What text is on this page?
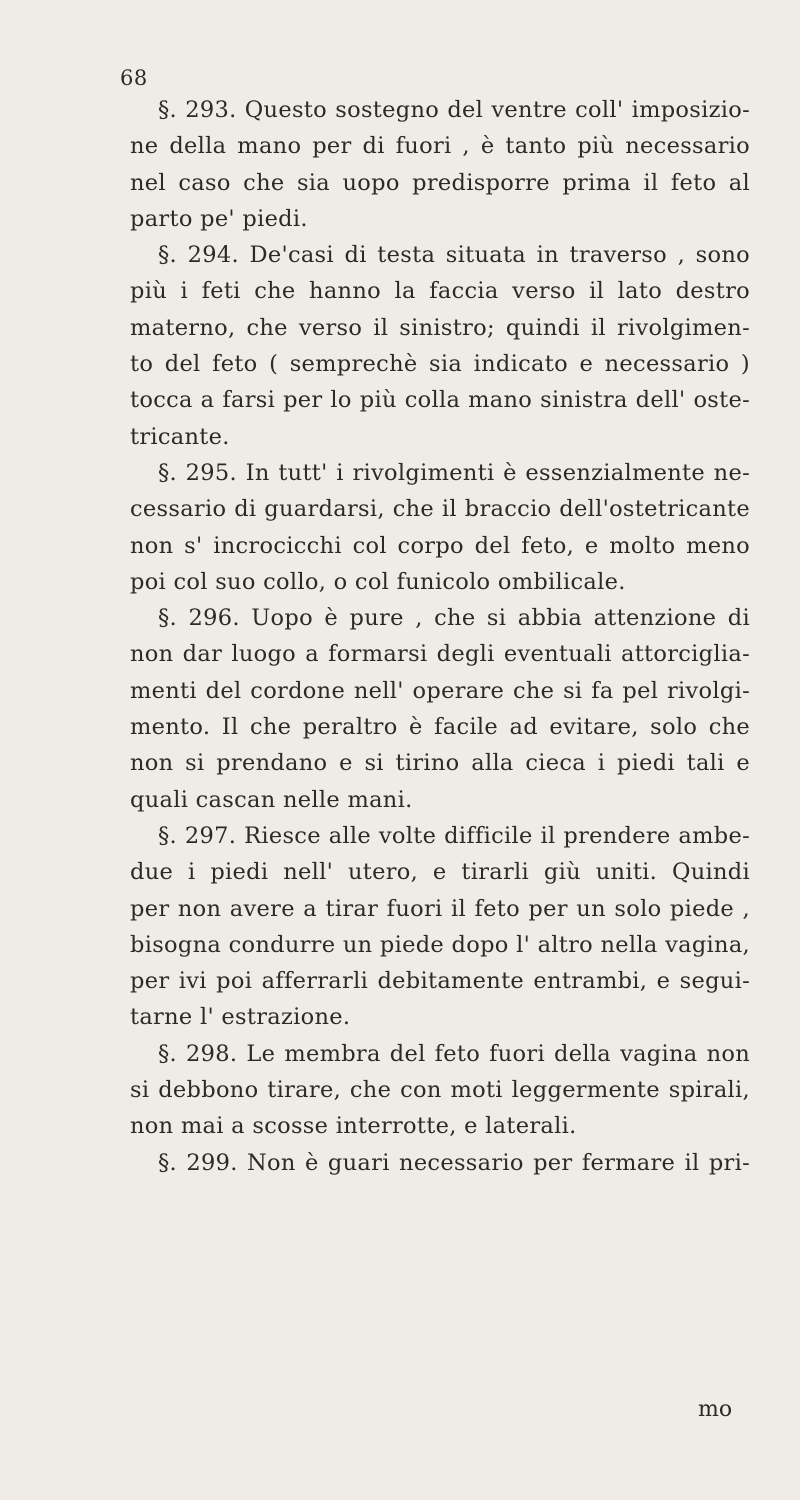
68
§. 293. Questo sostegno del ventre coll' imposizio-
ne della mano per di fuori , è tanto più necessario
nel caso che sia uopo predisporre prima il feto al
parto pe' piedi.
§. 294. De'casi di testa situata in traverso , sono
più i feti che hanno la faccia verso il lato destro
materno, che verso il sinistro; quindi il rivolgimen-
to del feto ( semprechè sia indicato e necessario )
tocca a farsi per lo più colla mano sinistra dell' oste-
tricante.
§. 295. In tutt' i rivolgimenti è essenzialmente ne-
cessario di guardarsi, che il braccio dell'ostetricante
non s' incrocicchi col corpo del feto, e molto meno
poi col suo collo, o col funicolo ombilicale.
§. 296. Uopo è pure , che si abbia attenzione di
non dar luogo a formarsi degli eventuali attorciglia-
menti del cordone nell' operare che si fa pel rivolgi-
mento. Il che peraltro è facile ad evitare, solo che
non si prendano e si tirino alla cieca i piedi tali e
quali cascan nelle mani.
§. 297. Riesce alle volte difficile il prendere ambe-
due i piedi nell' utero, e tirarli giù uniti. Quindi
per non avere a tirar fuori il feto per un solo piede ,
bisogna condurre un piede dopo l' altro nella vagina,
per ivi poi afferrarli debitamente entrambi, e segui-
tarne l' estrazione.
§. 298. Le membra del feto fuori della vagina non
si debbono tirare, che con moti leggermente spirali,
non mai a scosse interrotte, e laterali.
§. 299. Non è guari necessario per fermare il pri-
mo
